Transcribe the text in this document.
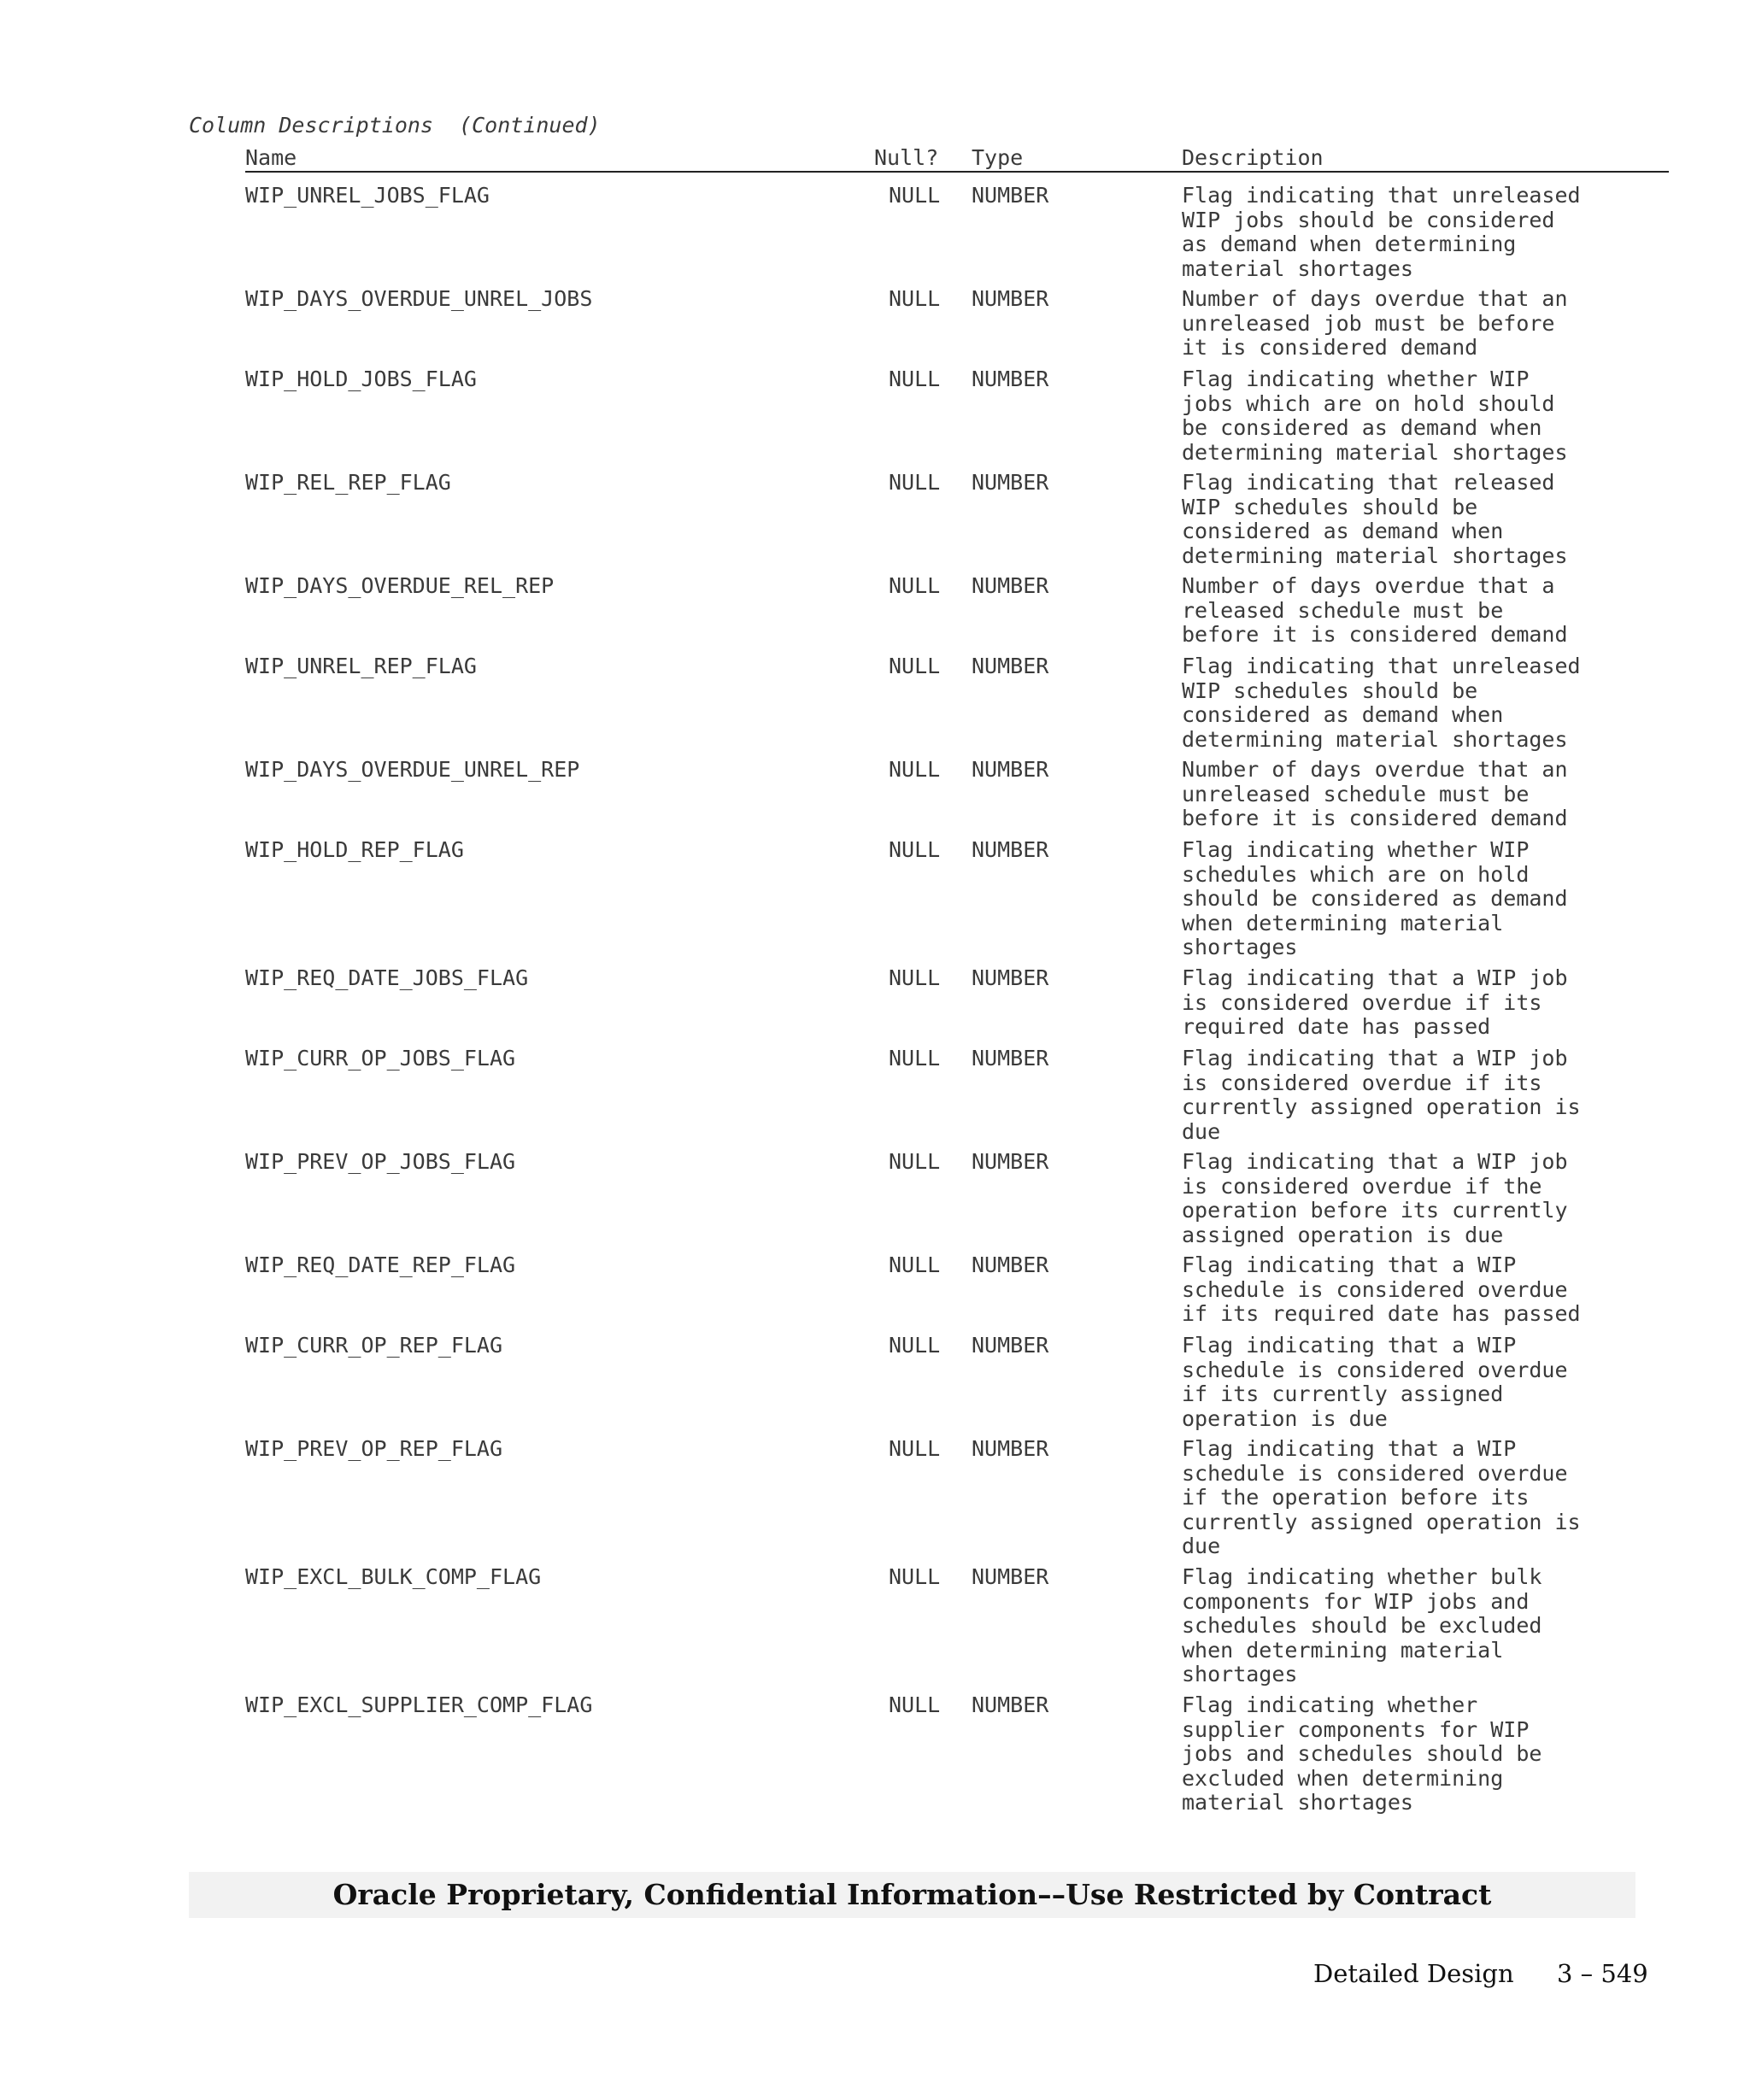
Column Descriptions  (Continued)
Name	Null? Type	Description
WIP_UNREL_JOBS_FLAG	NULL NUMBER	Flag indicating that unreleased
WIP jobs should be considered
as demand when determining
material shortages
WIP_DAYS_OVERDUE_UNREL_JOBS	NULL NUMBER	Number of days overdue that an
unreleased job must be before
it is considered demand
WIP_HOLD_JOBS_FLAG	NULL NUMBER	Flag indicating whether WIP
jobs which are on hold should
be considered as demand when
determining material shortages
WIP_REL_REP_FLAG	NULL NUMBER	Flag indicating that released
WIP schedules should be
considered as demand when
determining material shortages
WIP_DAYS_OVERDUE_REL_REP	NULL NUMBER	Number of days overdue that a
released schedule must be
before it is considered demand
WIP_UNREL_REP_FLAG	NULL NUMBER	Flag indicating that unreleased
WIP schedules should be
considered as demand when
determining material shortages
WIP_DAYS_OVERDUE_UNREL_REP	NULL NUMBER	Number of days overdue that an
unreleased schedule must be
before it is considered demand
WIP_HOLD_REP_FLAG	NULL NUMBER	Flag indicating whether WIP
schedules which are on hold
should be considered as demand
when determining material
shortages
WIP_REQ_DATE_JOBS_FLAG	NULL NUMBER	Flag indicating that a WIP job
is considered overdue if its
required date has passed
WIP_CURR_OP_JOBS_FLAG	NULL NUMBER	Flag indicating that a WIP job
is considered overdue if its
currently assigned operation is
due
WIP_PREV_OP_JOBS_FLAG	NULL NUMBER	Flag indicating that a WIP job
is considered overdue if the
operation before its currently
assigned operation is due
WIP_REQ_DATE_REP_FLAG	NULL NUMBER	Flag indicating that a WIP
schedule is considered overdue
if its required date has passed
WIP_CURR_OP_REP_FLAG	NULL NUMBER	Flag indicating that a WIP
schedule is considered overdue
if its currently assigned
operation is due
WIP_PREV_OP_REP_FLAG	NULL NUMBER	Flag indicating that a WIP
schedule is considered overdue
if the operation before its
currently assigned operation is
due
WIP_EXCL_BULK_COMP_FLAG	NULL NUMBER	Flag indicating whether bulk
components for WIP jobs and
schedules should be excluded
when determining material
shortages
WIP_EXCL_SUPPLIER_COMP_FLAG	NULL NUMBER	Flag indicating whether
supplier components for WIP
jobs and schedules should be
excluded when determining
material shortages
Oracle Proprietary, Confidential Information––Use Restricted by Contract
Detailed Design 3 – 549
